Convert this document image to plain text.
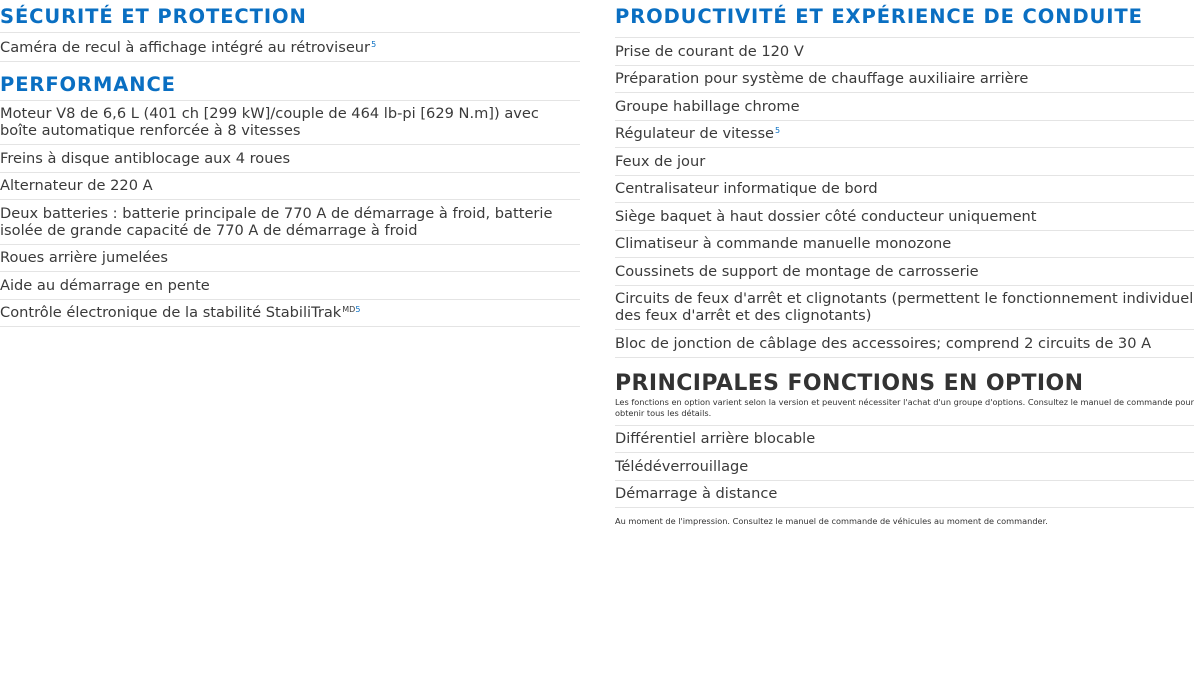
SÉCURITÉ ET PROTECTION
Caméra de recul à affichage intégré au rétroviseur$^5$
PERFORMANCE
Moteur V8 de 6,6 L (401 ch [299 kW]/couple de 464 lb-pi [629 N.m]) avec boîte automatique renforcée à 8 vitesses
Freins à disque antiblocage aux 4 roues
Alternateur de 220 A
Deux batteries : batterie principale de 770 A de démarrage à froid, batterie isolée de grande capacité de 770 A de démarrage à froid
Roues arrière jumelées
Aide au démarrage en pente
Contrôle électronique de la stabilité StabiliTrak$^{MD5}$
PRODUCTIVITÉ ET EXPÉRIENCE DE CONDUITE
Prise de courant de 120 V
Préparation pour système de chauffage auxiliaire arrière
Groupe habillage chrome
Régulateur de vitesse$^5$
Feux de jour
Centralisateur informatique de bord
Siège baquet à haut dossier côté conducteur uniquement
Climatiseur à commande manuelle monozone
Coussinets de support de montage de carrosserie
Circuits de feux d'arrêt et clignotants (permettent le fonctionnement individuel des feux d'arrêt et des clignotants)
Bloc de jonction de câblage des accessoires; comprend 2 circuits de 30 A
PRINCIPALES FONCTIONS EN OPTION

Les fonctions en option varient selon la version et peuvent nécessiter l'achat d'un groupe d'options. Consultez le manuel de commande pour obtenir tous les détails.

Différentiel arrière blocable
Télédéverrouillage
Démarrage à distance
Au moment de l'impression. Consultez le manuel de commande de véhicules au moment de commander.
